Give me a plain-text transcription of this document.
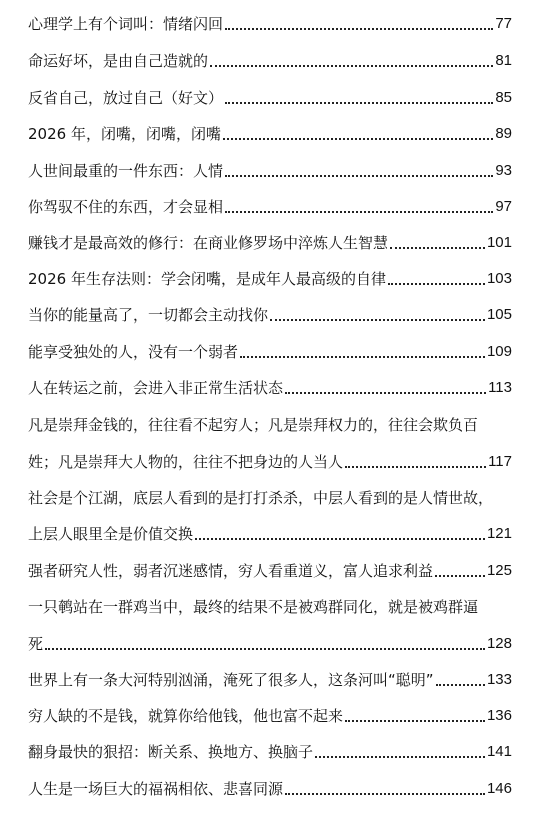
心理学上有个词叫：情绪闪回	77
命运好坏，是由自己造就的	81
反省自己，放过自己（好文）	85
2026 年，闭嘴，闭嘴，闭嘴	89
人世间最重的一件东西：人情	93
你驾驭不住的东西，才会显相	97
赚钱才是最高效的修行：在商业修罗场中淬炼人生智慧	101
2026 年生存法则：学会闭嘴，是成年人最高级的自律	103
当你的能量高了，一切都会主动找你	105
能享受独处的人，没有一个弱者	109
人在转运之前，会进入非正常生活状态	113
凡是崇拜金钱的，往往看不起穷人；凡是崇拜权力的，往往会欺负百
姓；凡是崇拜大人物的，往往不把身边的人当人	117
社会是个江湖，底层人看到的是打打杀杀，中层人看到的是人情世故，
上层人眼里全是价值交换	121
强者研究人性，弱者沉迷感情，穷人看重道义，富人追求利益	125
一只鹌站在一群鸡当中，最终的结果不是被鸡群同化，就是被鸡群逼
死	128
世界上有一条大河特别汹涌，淹死了很多人，这条河叫“聪明”	133
穷人缺的不是钱，就算你给他钱，他也富不起来	136
翻身最快的狠招：断关系、换地方、换脑子	141
人生是一场巨大的福祸相依、悲喜同源	146
